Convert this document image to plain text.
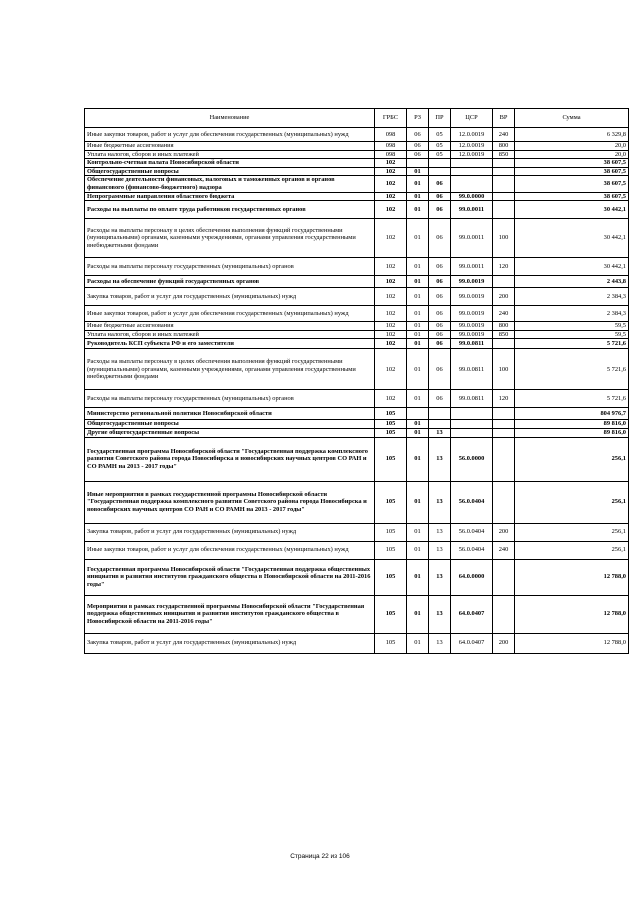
Наименование	ГРБС	РЗ	ПР	ЦСР	ВР	Сумма
Иные закупки товаров, работ и услуг для обеспечения государственных (муниципальных) нужд	098	06	05	12.0.0019	240	6 329,8
Иные бюджетные ассигнования	098	06	05	12.0.0019	800	20,0
Уплата налогов, сборов и иных платежей	098	06	05	12.0.0019	850	20,0
Контрольно-счетная палата Новосибирской области	102					38 607,5
Общегосударственные вопросы	102	01				38 607,5
Обеспечение деятельности финансовых, налоговых и таможенных органов и органов финансового (финансово-бюджетного) надзора	102	01	06			38 607,5
Непрограммные направления областного бюджета	102	01	06	99.0.0000		38 607,5
Расходы на выплаты по оплате труда работников государственных органов	102	01	06	99.0.0011		30 442,1
Расходы на выплаты персоналу в целях обеспечения выполнения функций государственными (муниципальными) органами, казенными учреждениями, органами управления государственными внебюджетными фондами	102	01	06	99.0.0011	100	30 442,1
Расходы на выплаты персоналу государственных (муниципальных) органов	102	01	06	99.0.0011	120	30 442,1
Расходы на обеспечение функций государственных органов	102	01	06	99.0.0019		2 443,8
Закупка товаров, работ и услуг для государственных (муниципальных) нужд	102	01	06	99.0.0019	200	2 384,3
Иные закупки товаров, работ и услуг для обеспечения государственных (муниципальных) нужд	102	01	06	99.0.0019	240	2 384,3
Иные бюджетные ассигнования	102	01	06	99.0.0019	800	59,5
Уплата налогов, сборов и иных платежей	102	01	06	99.0.0019	850	59,5
Руководитель КСП субъекта РФ и его заместители	102	01	06	99.0.0811		5 721,6
Расходы на выплаты персоналу в целях обеспечения выполнения функций государственными (муниципальными) органами, казенными учреждениями, органами управления государственными внебюджетными фондами	102	01	06	99.0.0811	100	5 721,6
Расходы на выплаты персоналу государственных (муниципальных) органов	102	01	06	99.0.0811	120	5 721,6
Министерство региональной политики Новосибирской области	105					804 976,7
Общегосударственные вопросы	105	01				89 816,0
Другие общегосударственные вопросы	105	01	13			89 816,0
Государственная программа Новосибирской области "Государственная поддержка комплексного развития Советского района города Новосибирска и новосибирских научных центров СО РАН и СО РАМН на 2013 - 2017 годы"	105	01	13	56.0.0000		256,1
Иные мероприятия в рамках государственной программы Новосибирской области "Государственная поддержка комплексного развития Советского района города Новосибирска и новосибирских научных центров СО РАН и СО РАМН на 2013 - 2017 годы"	105	01	13	56.0.0404		256,1
Закупка товаров, работ и услуг для государственных (муниципальных) нужд	105	01	13	56.0.0404	200	256,1
Иные закупки товаров, работ и услуг для обеспечения государственных (муниципальных) нужд	105	01	13	56.0.0404	240	256,1
Государственная программа Новосибирской области "Государственная поддержка общественных инициатив и развития институтов гражданского общества в Новосибирской области на 2011-2016 годы"	105	01	13	64.0.0000		12 788,0
Мероприятия в рамках государственной программы Новосибирской области "Государственная поддержка общественных инициатив и развития институтов гражданского общества в Новосибирской области на 2011-2016 годы"	105	01	13	64.0.0407		12 788,0
Закупка товаров, работ и услуг для государственных (муниципальных) нужд	105	01	13	64.0.0407	200	12 788,0
Страница 22 из 106
